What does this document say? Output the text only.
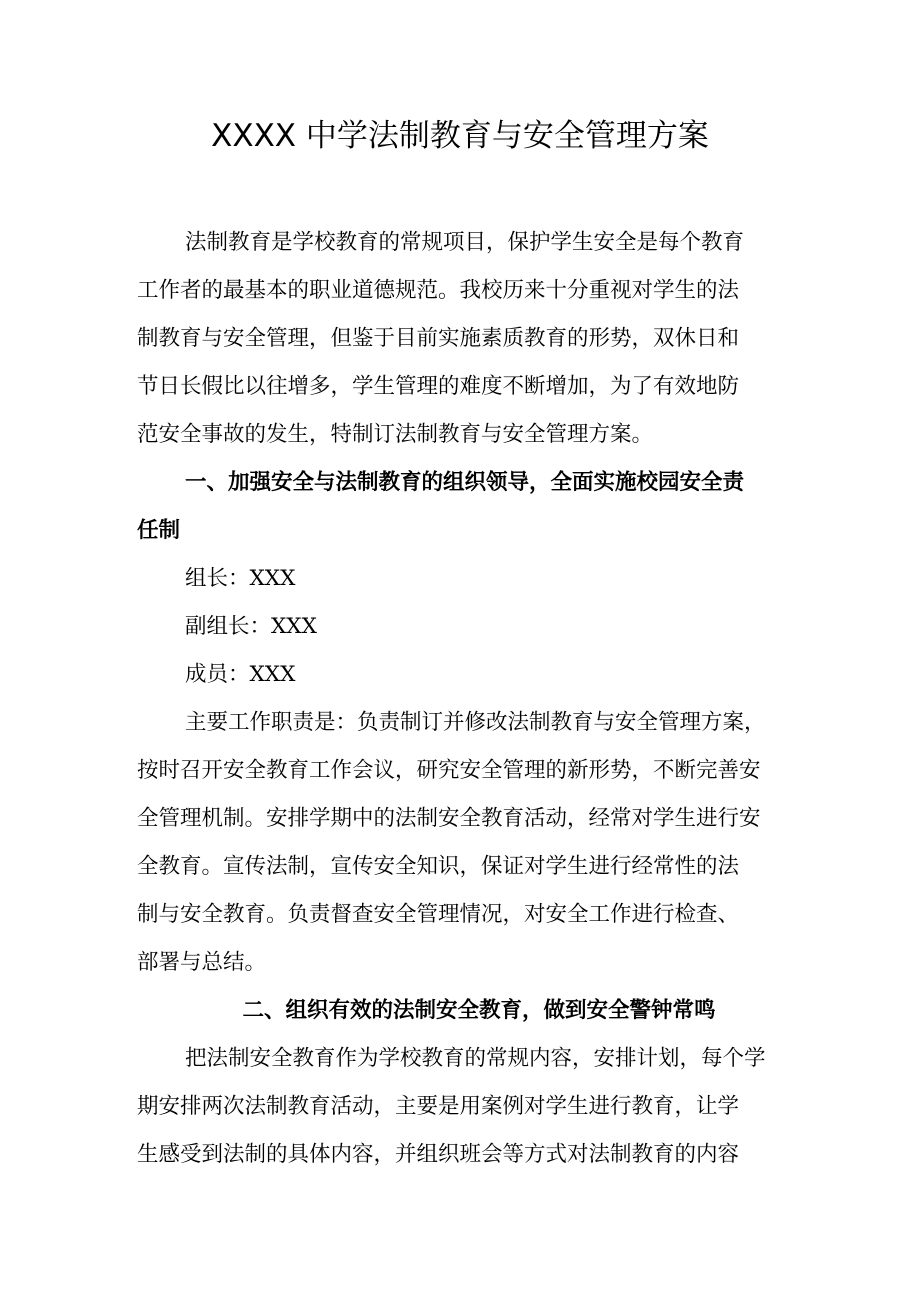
XXXX 中学法制教育与安全管理方案
法制教育是学校教育的常规项目，保护学生安全是每个教育
工作者的最基本的职业道德规范。我校历来十分重视对学生的法
制教育与安全管理，但鉴于目前实施素质教育的形势，双休日和
节日长假比以往增多，学生管理的难度不断增加，为了有效地防
范安全事故的发生，特制订法制教育与安全管理方案。
一、加强安全与法制教育的组织领导，全面实施校园安全责
任制
组长：XXX
副组长：XXX
成员：XXX
主要工作职责是：负责制订并修改法制教育与安全管理方案，
按时召开安全教育工作会议，研究安全管理的新形势，不断完善安
全管理机制。安排学期中的法制安全教育活动，经常对学生进行安
全教育。宣传法制，宣传安全知识，保证对学生进行经常性的法
制与安全教育。负责督查安全管理情况，对安全工作进行检查、
部署与总结。
二、组织有效的法制安全教育，做到安全警钟常鸣
把法制安全教育作为学校教育的常规内容，安排计划，每个学
期安排两次法制教育活动，主要是用案例对学生进行教育，让学
生感受到法制的具体内容，并组织班会等方式对法制教育的内容
